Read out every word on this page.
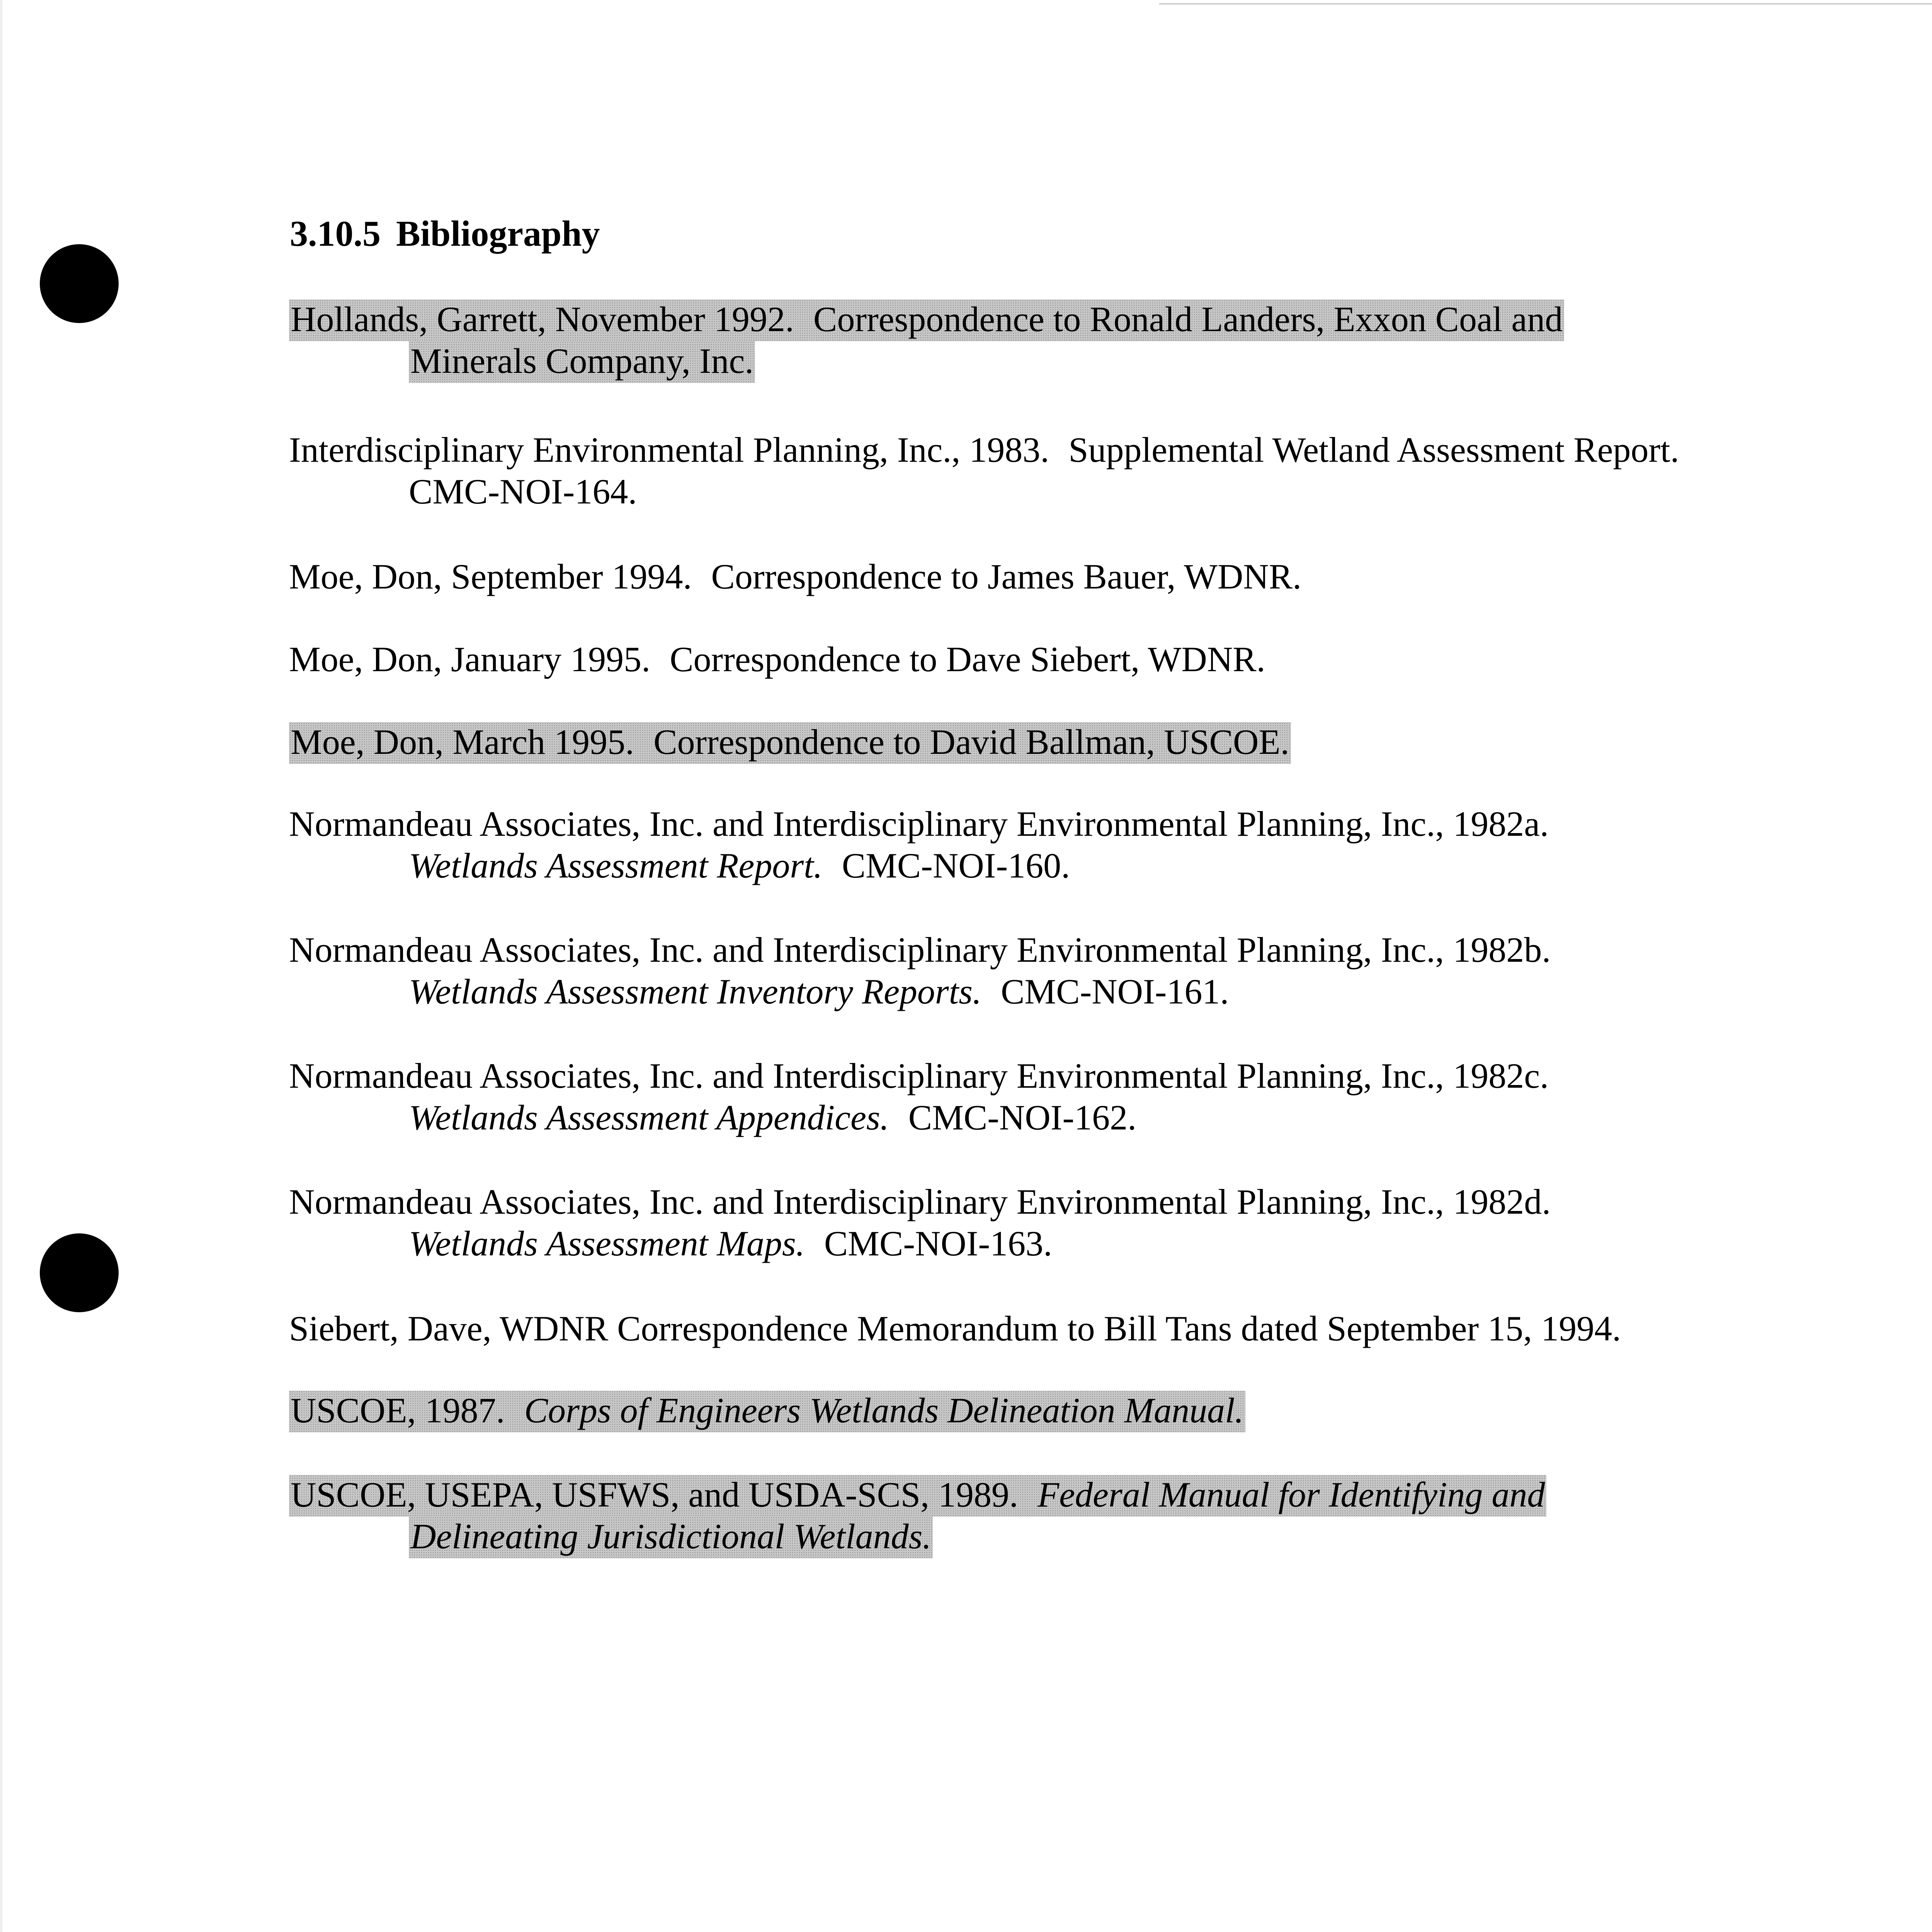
3.10.5 Bibliography
Hollands, Garrett, November 1992. Correspondence to Ronald Landers, Exxon Coal and
Minerals Company, Inc.
Interdisciplinary Environmental Planning, Inc., 1983. Supplemental Wetland Assessment Report.
CMC-NOI-164.
Moe, Don, September 1994. Correspondence to James Bauer, WDNR.
Moe, Don, January 1995. Correspondence to Dave Siebert, WDNR.
Moe, Don, March 1995. Correspondence to David Ballman, USCOE.
Normandeau Associates, Inc. and Interdisciplinary Environmental Planning, Inc., 1982a.
Wetlands Assessment Report. CMC-NOI-160.
Normandeau Associates, Inc. and Interdisciplinary Environmental Planning, Inc., 1982b.
Wetlands Assessment Inventory Reports. CMC-NOI-161.
Normandeau Associates, Inc. and Interdisciplinary Environmental Planning, Inc., 1982c.
Wetlands Assessment Appendices. CMC-NOI-162.
Normandeau Associates, Inc. and Interdisciplinary Environmental Planning, Inc., 1982d.
Wetlands Assessment Maps. CMC-NOI-163.
Siebert, Dave, WDNR Correspondence Memorandum to Bill Tans dated September 15, 1994.
USCOE, 1987. Corps of Engineers Wetlands Delineation Manual.
USCOE, USEPA, USFWS, and USDA-SCS, 1989. Federal Manual for Identifying and
Delineating Jurisdictional Wetlands.
